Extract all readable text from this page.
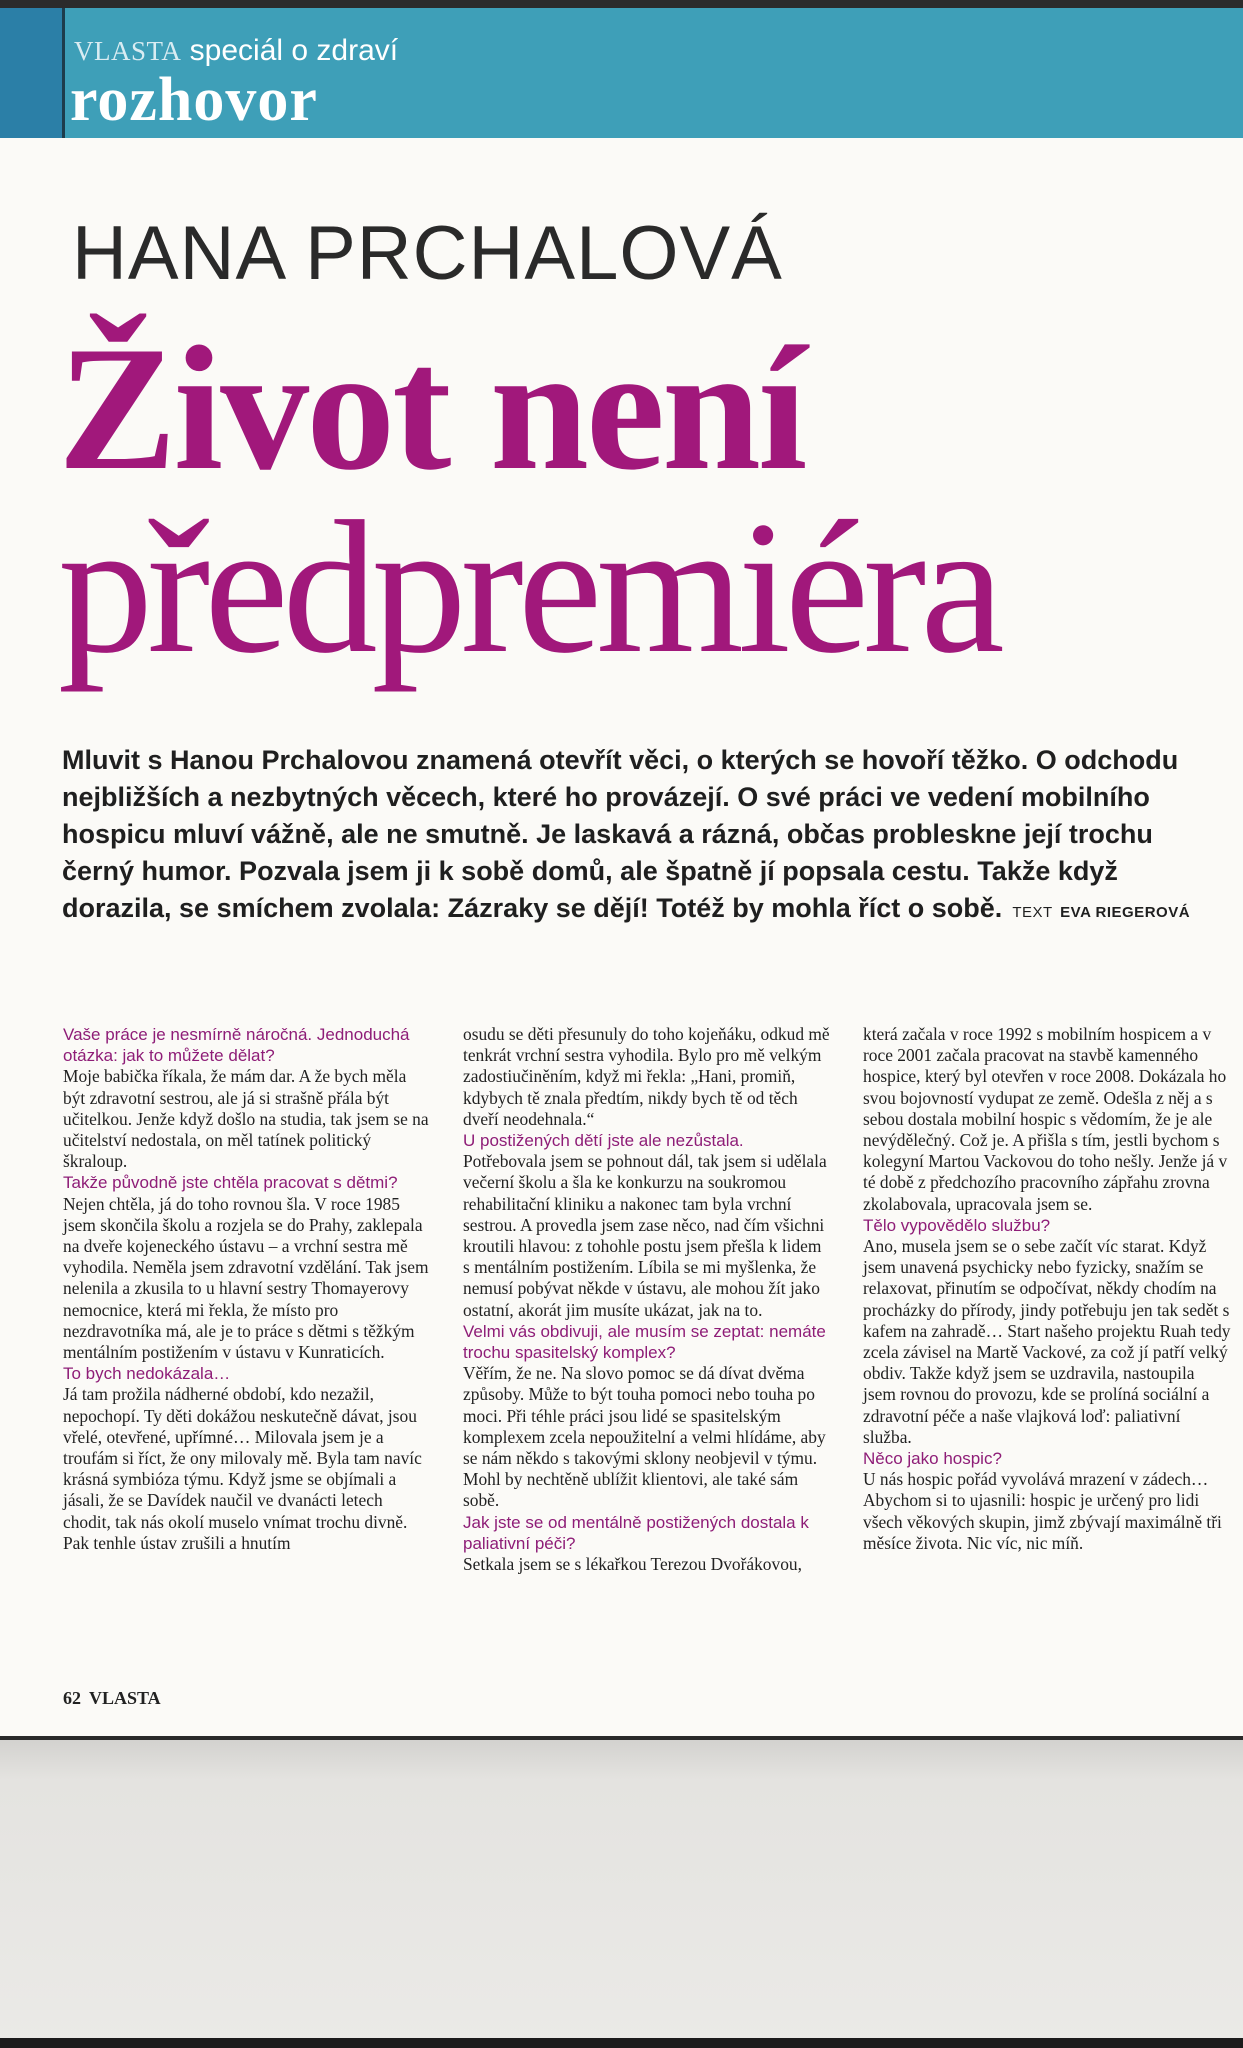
VLASTA speciál o zdraví
rozhovor
HANA PRCHALOVÁ
Život není
předpremiéra
Mluvit s Hanou Prchalovou znamená otevřít věci, o kterých se hovoří těžko. O odchodu nejbližších a nezbytných věcech, které ho provázejí. O své práci ve vedení mobilního hospicu mluví vážně, ale ne smutně. Je laskavá a rázná, občas probleskne její trochu černý humor. Pozvala jsem ji k sobě domů, ale špatně jí popsala cestu. Takže když dorazila, se smíchem zvolala: Zázraky se dějí! Totéž by mohla říct o sobě. TEXT EVA RIEGEROVÁ

Vaše práce je nesmírně náročná. Jednoduchá otázka: jak to můžete dělat?

Moje babička říkala, že mám dar. A že bych měla být zdravotní sestrou, ale já si strašně přála být učitelkou. Jenže když došlo na studia, tak jsem se na učitelství nedostala, on měl tatínek politický škraloup.

Takže původně jste chtěla pracovat s dětmi?

Nejen chtěla, já do toho rovnou šla. V roce 1985 jsem skončila školu a rozjela se do Prahy, zaklepala na dveře kojeneckého ústavu – a vrchní sestra mě vyhodila. Neměla jsem zdravotní vzdělání. Tak jsem nelenila a zkusila to u hlavní sestry Thomayerovy nemocnice, která mi řekla, že místo pro nezdravotníka má, ale je to práce s dětmi s těžkým mentálním postižením v ústavu v Kunraticích.

To bych nedokázala…

Já tam prožila nádherné období, kdo nezažil, nepochopí. Ty děti dokážou neskutečně dávat, jsou vřelé, otevřené, upřímné… Milovala jsem je a troufám si říct, že ony milovaly mě. Byla tam navíc krásná symbióza týmu. Když jsme se objímali a jásali, že se Davídek naučil ve dvanácti letech chodit, tak nás okolí muselo vnímat trochu divně. Pak tenhle ústav zrušili a hnutím

osudu se děti přesunuly do toho kojeňáku, odkud mě tenkrát vrchní sestra vyhodila. Bylo pro mě velkým zadostiučiněním, když mi řekla: „Hani, promiň, kdybych tě znala předtím, nikdy bych tě od těch dveří neodehnala.“

U postižených dětí jste ale nezůstala.

Potřebovala jsem se pohnout dál, tak jsem si udělala večerní školu a šla ke konkurzu na soukromou rehabilitační kliniku a nakonec tam byla vrchní sestrou. A provedla jsem zase něco, nad čím všichni kroutili hlavou: z tohohle postu jsem přešla k lidem s mentálním postižením. Líbila se mi myšlenka, že nemusí pobývat někde v ústavu, ale mohou žít jako ostatní, akorát jim musíte ukázat, jak na to.

Velmi vás obdivuji, ale musím se zeptat: nemáte trochu spasitelský komplex?

Věřím, že ne. Na slovo pomoc se dá dívat dvěma způsoby. Může to být touha pomoci nebo touha po moci. Při téhle práci jsou lidé se spasitelským komplexem zcela nepoužitelní a velmi hlídáme, aby se nám někdo s takovými sklony neobjevil v týmu. Mohl by nechtěně ublížit klientovi, ale také sám sobě.

Jak jste se od mentálně postižených dostala k paliativní péči?

Setkala jsem se s lékařkou Terezou Dvořákovou,

která začala v roce 1992 s mobilním hospicem a v roce 2001 začala pracovat na stavbě kamenného hospice, který byl otevřen v roce 2008. Dokázala ho svou bojovností vydupat ze země. Odešla z něj a s sebou dostala mobilní hospic s vědomím, že je ale nevýdělečný. Což je. A přišla s tím, jestli bychom s kolegyní Martou Vackovou do toho nešly. Jenže já v té době z předchozího pracovního zápřahu zrovna zkolabovala, upracovala jsem se.

Tělo vypovědělo službu?

Ano, musela jsem se o sebe začít víc starat. Když jsem unavená psychicky nebo fyzicky, snažím se relaxovat, přinutím se odpočívat, někdy chodím na procházky do přírody, jindy potřebuju jen tak sedět s kafem na zahradě… Start našeho projektu Ruah tedy zcela závisel na Martě Vackové, za což jí patří velký obdiv. Takže když jsem se uzdravila, nastoupila jsem rovnou do provozu, kde se prolíná sociální a zdravotní péče a naše vlajková loď: paliativní služba.

Něco jako hospic?

U nás hospic pořád vyvolává mrazení v zádech… Abychom si to ujasnili: hospic je určený pro lidi všech věkových skupin, jimž zbývají maximálně tři měsíce života. Nic víc, nic míň.

62 VLASTA
